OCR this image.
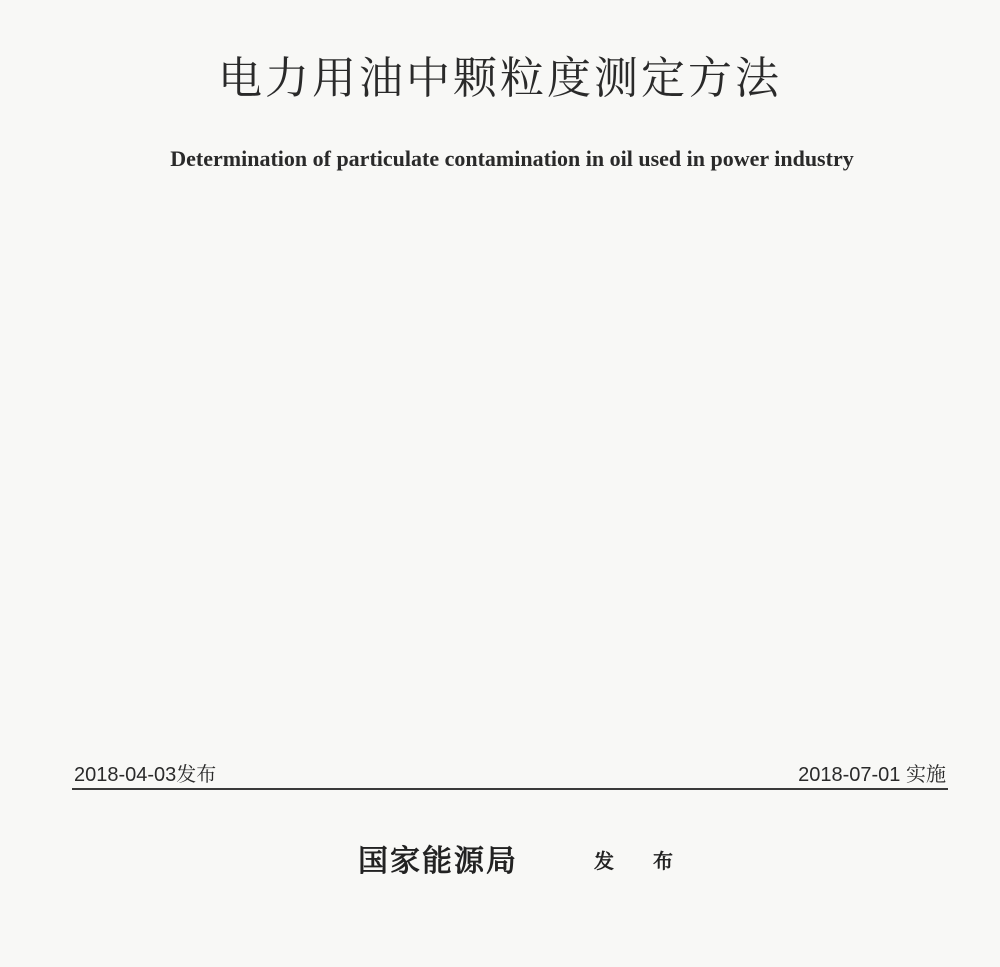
电力用油中颗粒度测定方法
Determination of particulate contamination in oil used in power industry
2018-04-03发布	2018-07-01 实施
国家能源局	发 布
